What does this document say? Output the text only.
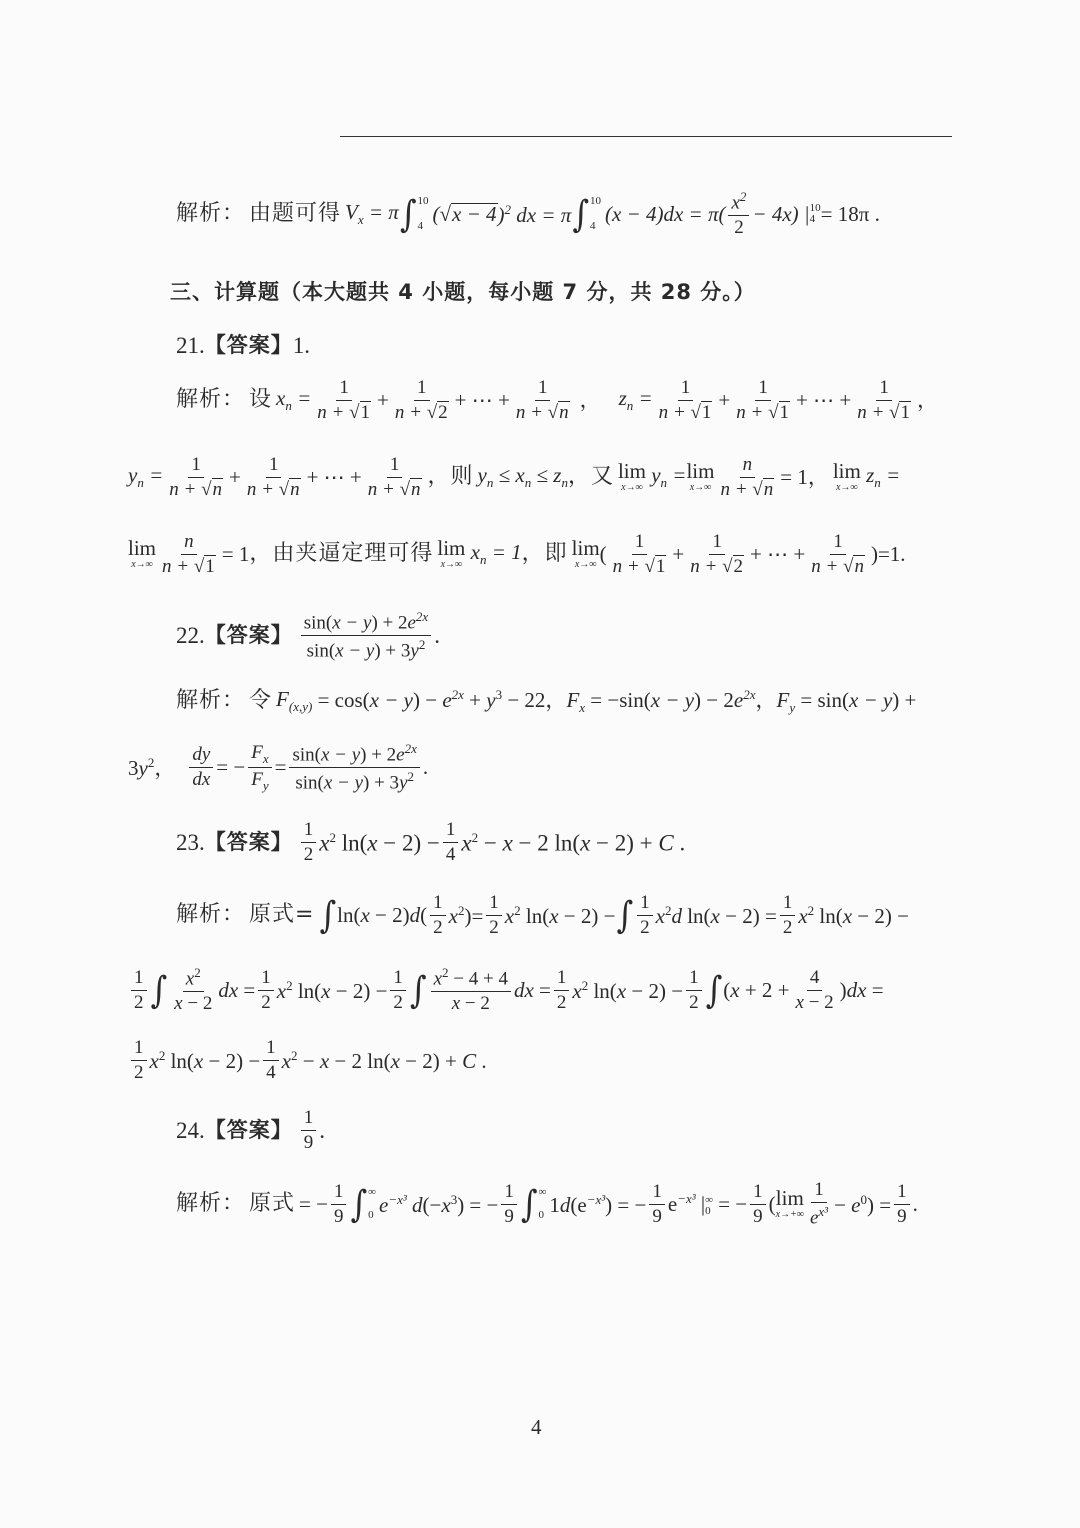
解析： 由题可得 $V_x = \pi$ ∫ 10
4
( √ x − 4 )$^2$ dx = π ∫ 10
4
(x − 4)dx = π( $x^2$
2
− 4x) | 10
4 = 18π .
三、计算题（本大题共 4 小题，每小题 7 分，共 28 分。）
21. 【答案】 1.
解析： 设 $x_n = \frac{1}{n + √1} + \frac{1}{n + √2}$ + ⋯ + $\frac{1}{n + √n}$ ， $z_n = \frac{1}{n + √1} + \frac{1}{n + √1}$ + ⋯ + $\frac{1}{n + √1}$ ，
$y_n = \frac{1}{n + √n} + \frac{1}{n + √n}$ + ⋯ + $\frac{1}{n + √n}$ ，则 $y_n \le x_n \le z_n$ ，又 lim
x→∞
$y_n = \lim$
$x\to\infty \frac{n}{n + √n} = 1$， lim
x→∞
$z_n$ =
lim
$x\to\infty \frac{n}{n + √1} = 1$ ，由夹逼定理可得 lim
x→∞
$x_n = 1$ ，即 lim
x→∞ (
1
n + √1
+ $\frac{1}{n + √2}$ + ⋯ + $\frac{1}{n + √n} )=1$.
22. 【答案】
$\sin(x - y) + 2e^{2x}$
$\sin(x - y) + 3y^2$ .
解析： 令 $F_{(x,y)} = \cos(x - y) - e^{2x} + y^3 - 22$，$F_x = -\sin(x - y) - 2e^{2x}$，$F_y = \sin(x - y)$ +
$3y^2$， $\frac{dy}{dx}$ = − $\frac{F_x}{F_y} = \frac{\sin(x - y) + 2e^{2x}}{\sin(x - y) + 3y^2}$ .
23. 【答案】
1
2 $x^2$ $\ln(x - 2) - \frac{1}{4} x^2 - x - 2$ ln(x − 2) + C .
解析： 原式= ∫ ln(x − 2)d(
1
2 $x^2)= \frac{1}{2} x^2$ ln(x − 2) − ∫ 1
2 $x^2d$ $\ln(x - 2) = \frac{1}{2} x^2$ ln(x − 2) −
1
2 ∫ $x^2$
x − 2
dx = $\frac{1}{2} x^2$ $\ln(x - 2) - \frac{1}{2}$ ∫ $x^2 - 4 + 4$
x − 2
dx = $\frac{1}{2} x^2$ $\ln(x - 2) - \frac{1}{2}$ ∫ $(x + 2 + \frac{4}{x - 2} )dx$ =
1
2 $x^2$ $\ln(x - 2) - \frac{1}{4} x^2 - x - 2$ ln(x − 2) + C .
24. 【答案】
1
9 .
解析： 原式 = − $\frac{1}{9}$ ∫ ∞
0 $e^{-x^3}$ $d(-x^3)$ = − $\frac{1}{9}$ ∫ ∞
0 $1d(e^{-x^3})$ = − $\frac{1}{9} e^{-x^3}$ | ∞
0 = − $\frac{1}{9}$ ( lim
x→+∞
1
$e^{x^3} - e^0) = \frac{1}{9}$ .
4
